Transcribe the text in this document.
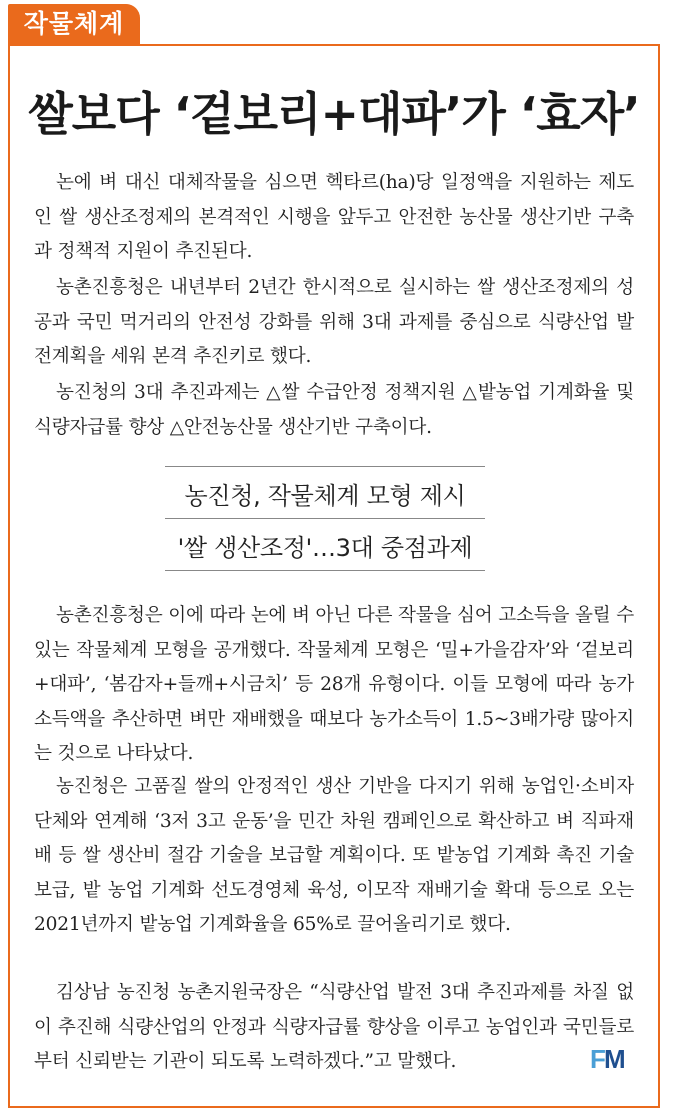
작물체계
쌀보다 ‘겉보리+대파’가 ‘효자’
논에 벼 대신 대체작물을 심으면 헥타르(ha)당 일정액을 지원하는 제도인 쌀 생산조정제의 본격적인 시행을 앞두고 안전한 농산물 생산기반 구축과 정책적 지원이 추진된다.
농촌진흥청은 내년부터 2년간 한시적으로 실시하는 쌀 생산조정제의 성공과 국민 먹거리의 안전성 강화를 위해 3대 과제를 중심으로 식량산업 발전계획을 세워 본격 추진키로 했다.
농진청의 3대 추진과제는 △쌀 수급안정 정책지원 △밭농업 기계화율 및 식량자급률 향상 △안전농산물 생산기반 구축이다.
농진청, 작물체계 모형 제시
'쌀 생산조정'…3대 중점과제
농촌진흥청은 이에 따라 논에 벼 아닌 다른 작물을 심어 고소득을 올릴 수 있는 작물체계 모형을 공개했다. 작물체계 모형은 ‘밀+가을감자’와 ‘겉보리+대파’, ‘봄감자+들깨+시금치’ 등 28개 유형이다. 이들 모형에 따라 농가 소득액을 추산하면 벼만 재배했을 때보다 농가소득이 1.5~3배가량 많아지는 것으로 나타났다.
농진청은 고품질 쌀의 안정적인 생산 기반을 다지기 위해 농업인·소비자단체와 연계해 ‘3저 3고 운동’을 민간 차원 캠페인으로 확산하고 벼 직파재배 등 쌀 생산비 절감 기술을 보급할 계획이다. 또 밭농업 기계화 촉진 기술보급, 밭 농업 기계화 선도경영체 육성, 이모작 재배기술 확대 등으로 오는 2021년까지 밭농업 기계화율을 65%로 끌어올리기로 했다.
김상남 농진청 농촌지원국장은 “식량산업 발전 3대 추진과제를 차질 없이 추진해 식량산업의 안정과 식량자급률 향상을 이루고 농업인과 국민들로부터 신뢰받는 기관이 되도록 노력하겠다.”고 말했다.	F
M
